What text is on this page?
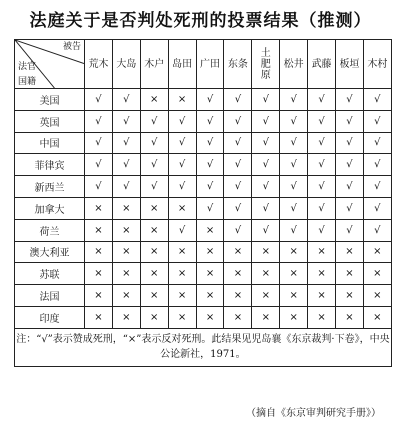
法庭关于是否判处死刑的投票结果（推测）
被告
法官
国籍	荒木	大岛	木户	岛田	广田	东条	土肥原	松井	武藤	板垣	木村
美国	√	√	×	×	√	√	√	√	√	√	√
英国	√	√	√	√	√	√	√	√	√	√	√
中国	√	√	√	√	√	√	√	√	√	√	√
菲律宾	√	√	√	√	√	√	√	√	√	√	√
新西兰	√	√	√	√	√	√	√	√	√	√	√
加拿大	×	×	×	×	√	√	√	√	√	√	√
荷兰	×	×	×	√	×	√	√	√	√	√	√
澳大利亚	×	×	×	×	×	×	×	×	×	×	×
苏联	×	×	×	×	×	×	×	×	×	×	×
法国	×	×	×	×	×	×	×	×	×	×	×
印度	×	×	×	×	×	×	×	×	×	×	×
注：“√”表示赞成死刑，“×”表示反对死刑。此结果见児岛襄《东京裁判·下卷》，中央公论新社，1971。											
（摘自《东京审判研究手册》）
